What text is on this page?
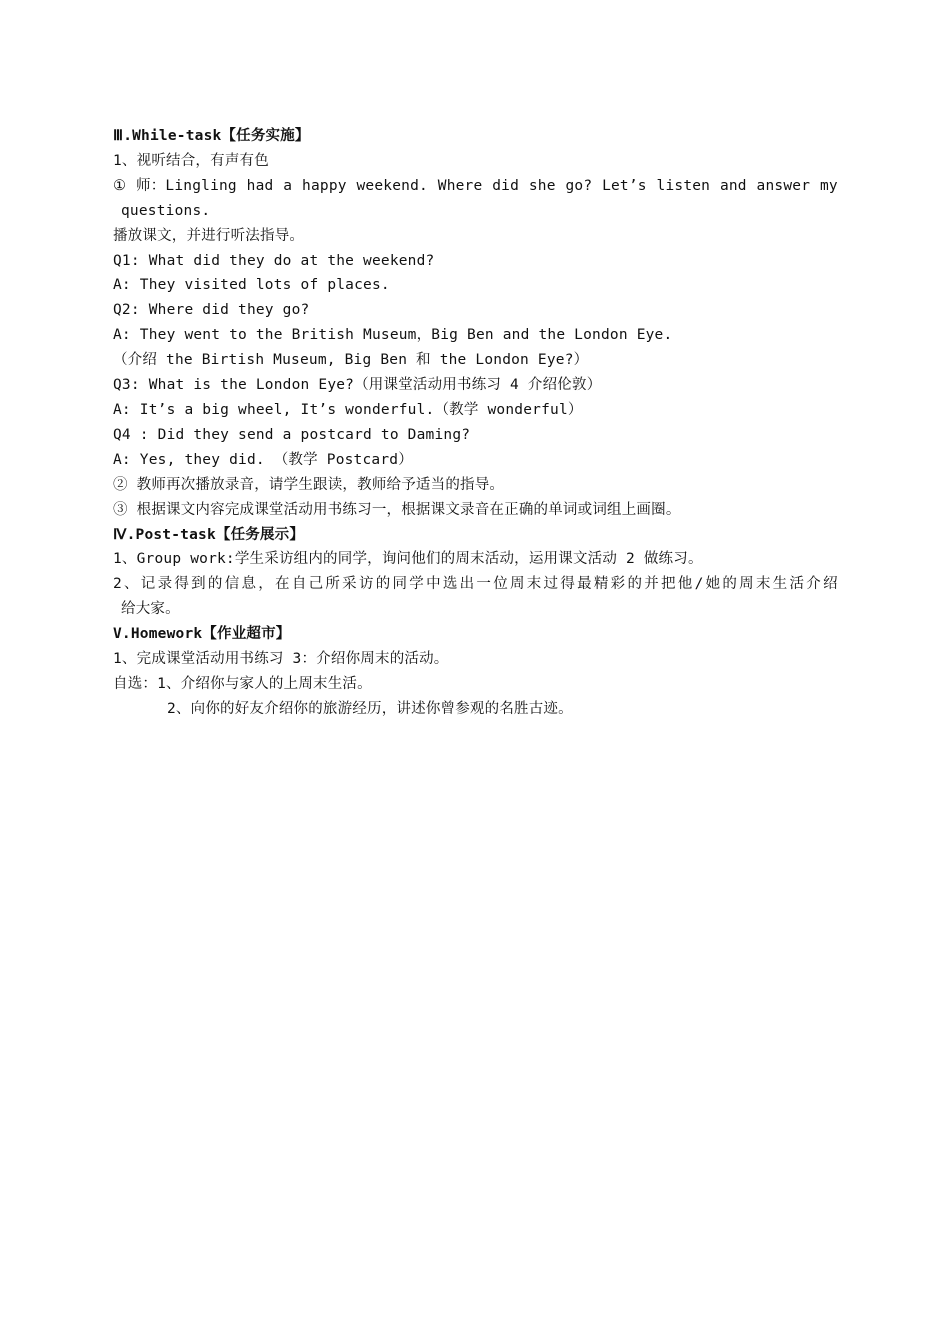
Ⅲ.While-task【任务实施】
1、视听结合，有声有色
① 师：Lingling had a happy weekend. Where did she go? Let’s listen and answer my
questions.
播放课文，并进行听法指导。
Q1: What did they do at the weekend?
A: They visited lots of places.
Q2: Where did they go?
A: They went to the British Museum，Big Ben and the London Eye.
（介绍 the Birtish Museum, Big Ben 和 the London Eye?）
Q3: What is the London Eye?（用课堂活动用书练习 4 介绍伦敦）
A: It’s a big wheel, It’s wonderful.（教学 wonderful）
Q4 : Did they send a postcard to Daming?
A: Yes, they did. （教学 Postcard）
② 教师再次播放录音，请学生跟读，教师给予适当的指导。
③ 根据课文内容完成课堂活动用书练习一，根据课文录音在正确的单词或词组上画圈。
Ⅳ.Post-task【任务展示】
1、Group work:学生采访组内的同学，询问他们的周末活动，运用课文活动 2 做练习。
2 、 记 录 得 到 的 信 息 ， 在 自 己 所 采 访 的 同 学 中 选 出 一 位 周 末 过 得 最 精 彩 的 并 把 他 / 她 的 周 末 生 活 介 绍
给大家。
V.Homework【作业超市】
1、完成课堂活动用书练习 3：介绍你周末的活动。
自选：1、介绍你与家人的上周末生活。
2、向你的好友介绍你的旅游经历，讲述你曾参观的名胜古迹。
